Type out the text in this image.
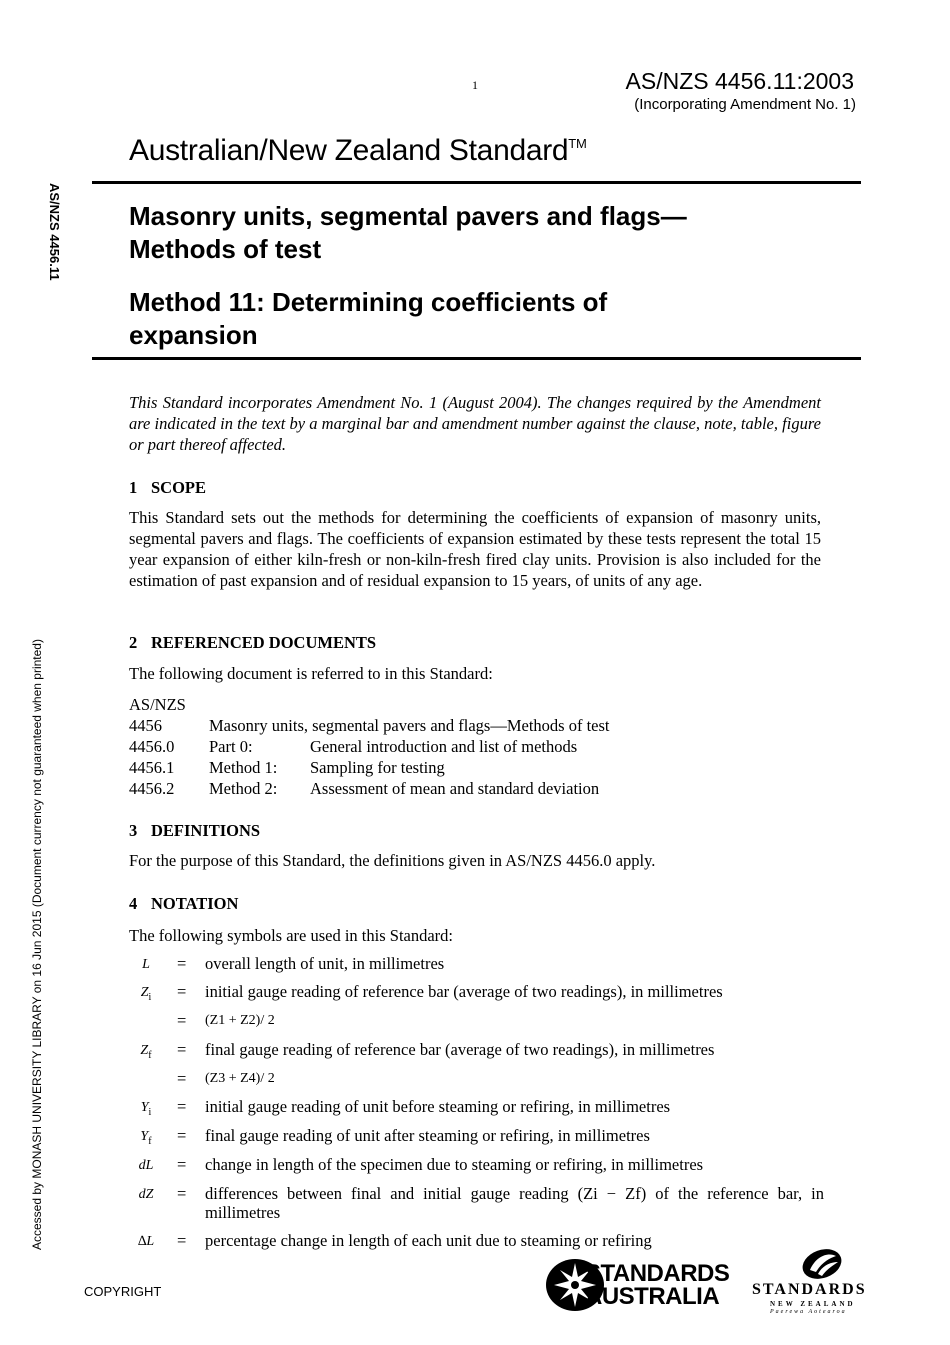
1	AS/NZS 4456.11:2003
(Incorporating Amendment No. 1)
Australian/New Zealand Standard™
Masonry units, segmental pavers and flags—
Methods of test
Method 11: Determining coefficients of
expansion
This Standard incorporates Amendment No. 1 (August 2004). The changes required by the Amendment are indicated in the text by a marginal bar and amendment number against the clause, note, table, figure or part thereof affected.
1 SCOPE
This Standard sets out the methods for determining the coefficients of expansion of masonry units, segmental pavers and flags. The coefficients of expansion estimated by these tests represent the total 15 year expansion of either kiln-fresh or non-kiln-fresh fired clay units. Provision is also included for the estimation of past expansion and of residual expansion to 15 years, of units of any age.
2 REFERENCED DOCUMENTS
The following document is referred to in this Standard:
AS/NZS
4456	Masonry units, segmental pavers and flags—Methods of test
4456.0 Part 0:	General introduction and list of methods
4456.1 Method 1: Sampling for testing
4456.2 Method 2: Assessment of mean and standard deviation
3 DEFINITIONS
For the purpose of this Standard, the definitions given in AS/NZS 4456.0 apply.
4 NOTATION
The following symbols are used in this Standard:
L	= overall length of unit, in millimetres
$Z_i$	= initial gauge reading of reference bar (average of two readings), in millimetres
= (Z1 + Z2)/ 2
$Z_f$	= final gauge reading of reference bar (average of two readings), in millimetres
= (Z3 + Z4)/ 2
$Y_i$	= initial gauge reading of unit before steaming or refiring, in millimetres
$Y_f$	= final gauge reading of unit after steaming or refiring, in millimetres
dL	= change in length of the specimen due to steaming or refiring, in millimetres
dZ	= differences between final and initial gauge reading (Zi − Zf) of the reference bar, in millimetres
∆L	= percentage change in length of each unit due to steaming or refiring
Accessed by MONASH UNIVERSITY LIBRARY on 16 Jun 2015 (Document currency not guaranteed when printed)
AS/NZS 4456.11
COPYRIGHT
STANDARDS
AUSTRALIA	STANDARDS
NEW ZEALAND
Paerewa Aotearoa
